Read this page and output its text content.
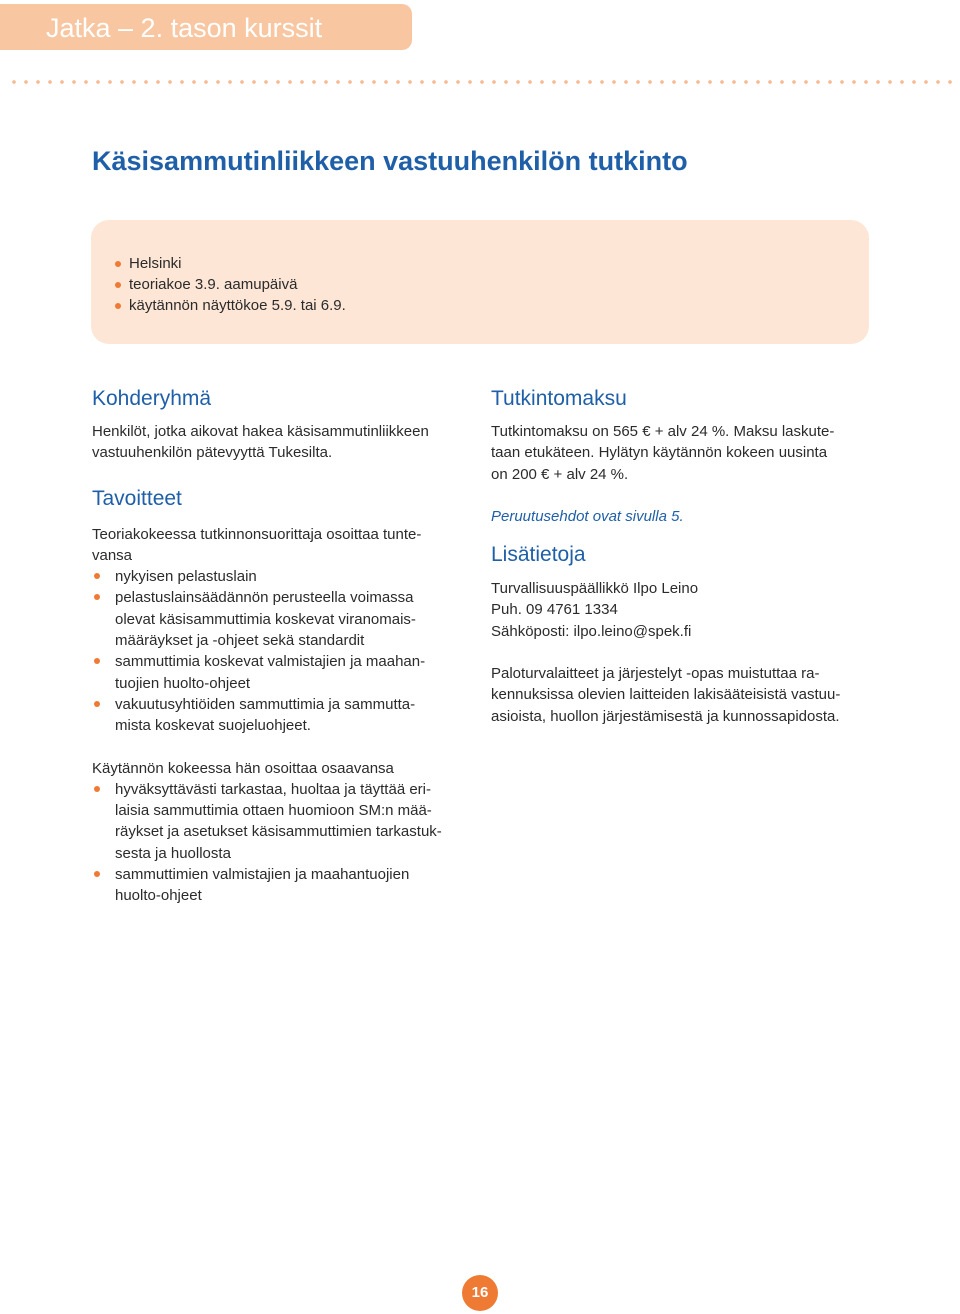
Jatka – 2. tason kurssit
Käsisammutinliikkeen vastuuhenkilön tutkinto
Helsinki
teoriakoe 3.9. aamupäivä
käytännön näyttökoe 5.9. tai 6.9.
Kohderyhmä

Henkilöt, jotka aikovat hakea käsisammutinliikkeen
vastuuhenkilön pätevyyttä Tukesilta.

Tavoitteet

Teoriakokeessa tutkinnonsuorittaja osoittaa tunte-
vansa

nykyisen pelastuslain
pelastuslainsäädännön perusteella voimassa
olevat käsisammuttimia koskevat viranomais-
määräykset ja -ohjeet sekä standardit
sammuttimia koskevat valmistajien ja maahan-
tuojien huolto-ohjeet
vakuutusyhtiöiden sammuttimia ja sammutta-
mista koskevat suojeluohjeet.

Käytännön kokeessa hän osoittaa osaavansa

hyväksyttävästi tarkastaa, huoltaa ja täyttää eri-
laisia sammuttimia ottaen huomioon SM:n mää-
räykset ja asetukset käsisammuttimien tarkastuk-
sesta ja huollosta
sammuttimien valmistajien ja maahantuojien
huolto-ohjeet
Tutkintomaksu

Tutkintomaksu on 565 € + alv 24 %. Maksu laskute-
taan etukäteen. Hylätyn käytännön kokeen uusinta
on 200 € + alv 24 %.

Peruutusehdot ovat sivulla 5.

Lisätietoja

Turvallisuuspäällikkö Ilpo Leino
Puh. 09 4761 1334
Sähköposti: ilpo.leino@spek.fi

Paloturvalaitteet ja järjestelyt -opas muistuttaa ra-
kennuksissa olevien laitteiden lakisääteisistä vastuu-
asioista, huollon järjestämisestä ja kunnossapidosta.

16
